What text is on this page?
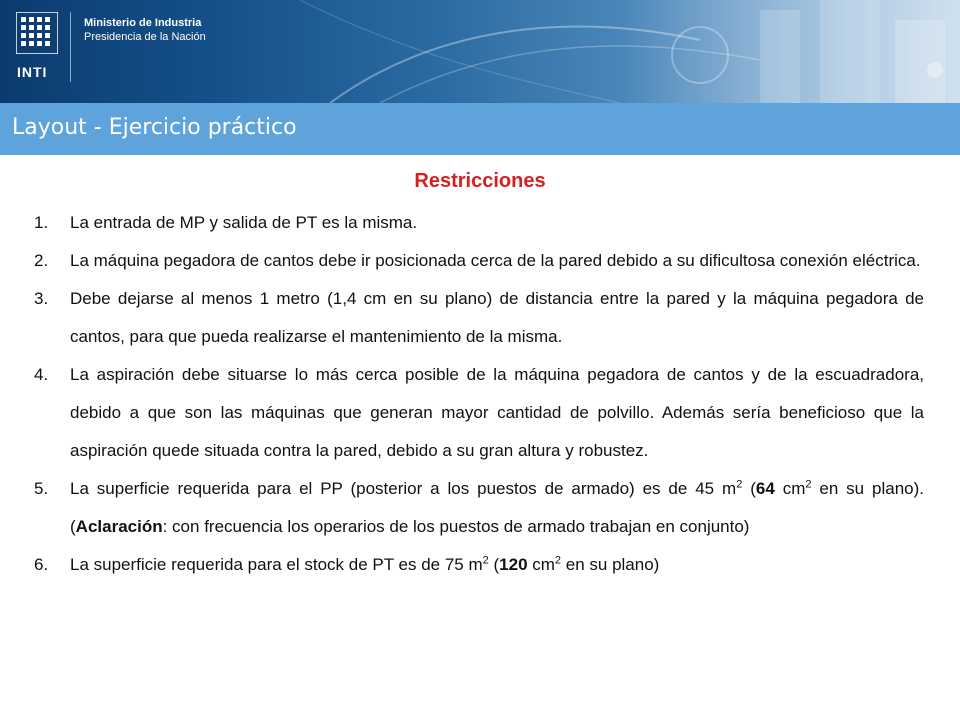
INTI
Ministerio de Industria
Presidencia de la Nación
Layout - Ejercicio práctico
Restricciones
1.	La entrada de MP y salida de PT es la misma.
2.	La máquina pegadora de cantos debe ir posicionada cerca de la pared debido a su dificultosa conexión eléctrica.
3.	Debe dejarse al menos 1 metro (1,4 cm en su plano) de distancia entre la pared y la máquina pegadora de cantos, para que pueda realizarse el mantenimiento de la misma.
4.	La aspiración debe situarse lo más cerca posible de la máquina pegadora de cantos y de la escuadradora, debido a que son las máquinas que generan mayor cantidad de polvillo. Además sería beneficioso que la aspiración quede situada contra la pared, debido a su gran altura y robustez.
5.	La superficie requerida para el PP (posterior a los puestos de armado) es de 45 $m^2$ (64 $cm^2$ en su plano). (Aclaración: con frecuencia los operarios de los puestos de armado trabajan en conjunto)
6.	La superficie requerida para el stock de PT es de 75 $m^2$ (120 $cm^2$ en su plano)
